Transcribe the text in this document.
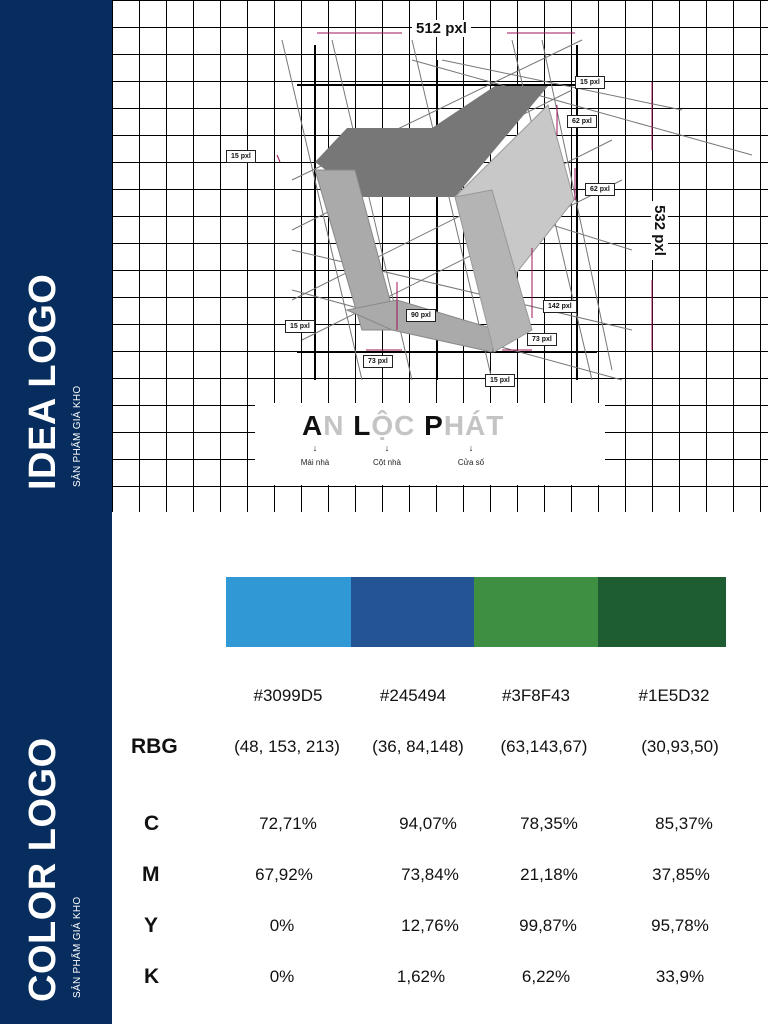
IDEA LOGO SẢN PHẨM GIÁ KHO
COLOR LOGO SẢN PHẨM GIÁ KHO
512 pxl
532 pxl
15 pxl
62 pxl
15 pxl
62 pxl
142 pxl
90 pxl
15 pxl
73 pxl
73 pxl
15 pxl
AN LỘC PHÁT
↓	↓	↓
Mái nhà	Cột nhà	Cửa số
#3099D5	#245494	#3F8F43	#1E5D32
RBG	(48, 153, 213)	(36, 84,148)	(63,143,67)	(30,93,50)
C	72,71%	94,07%	78,35%	85,37%
M	67,92%	73,84%	21,18%	37,85%
Y	0%	12,76%	99,87%	95,78%
K	0%	1,62%	6,22%	33,9%
